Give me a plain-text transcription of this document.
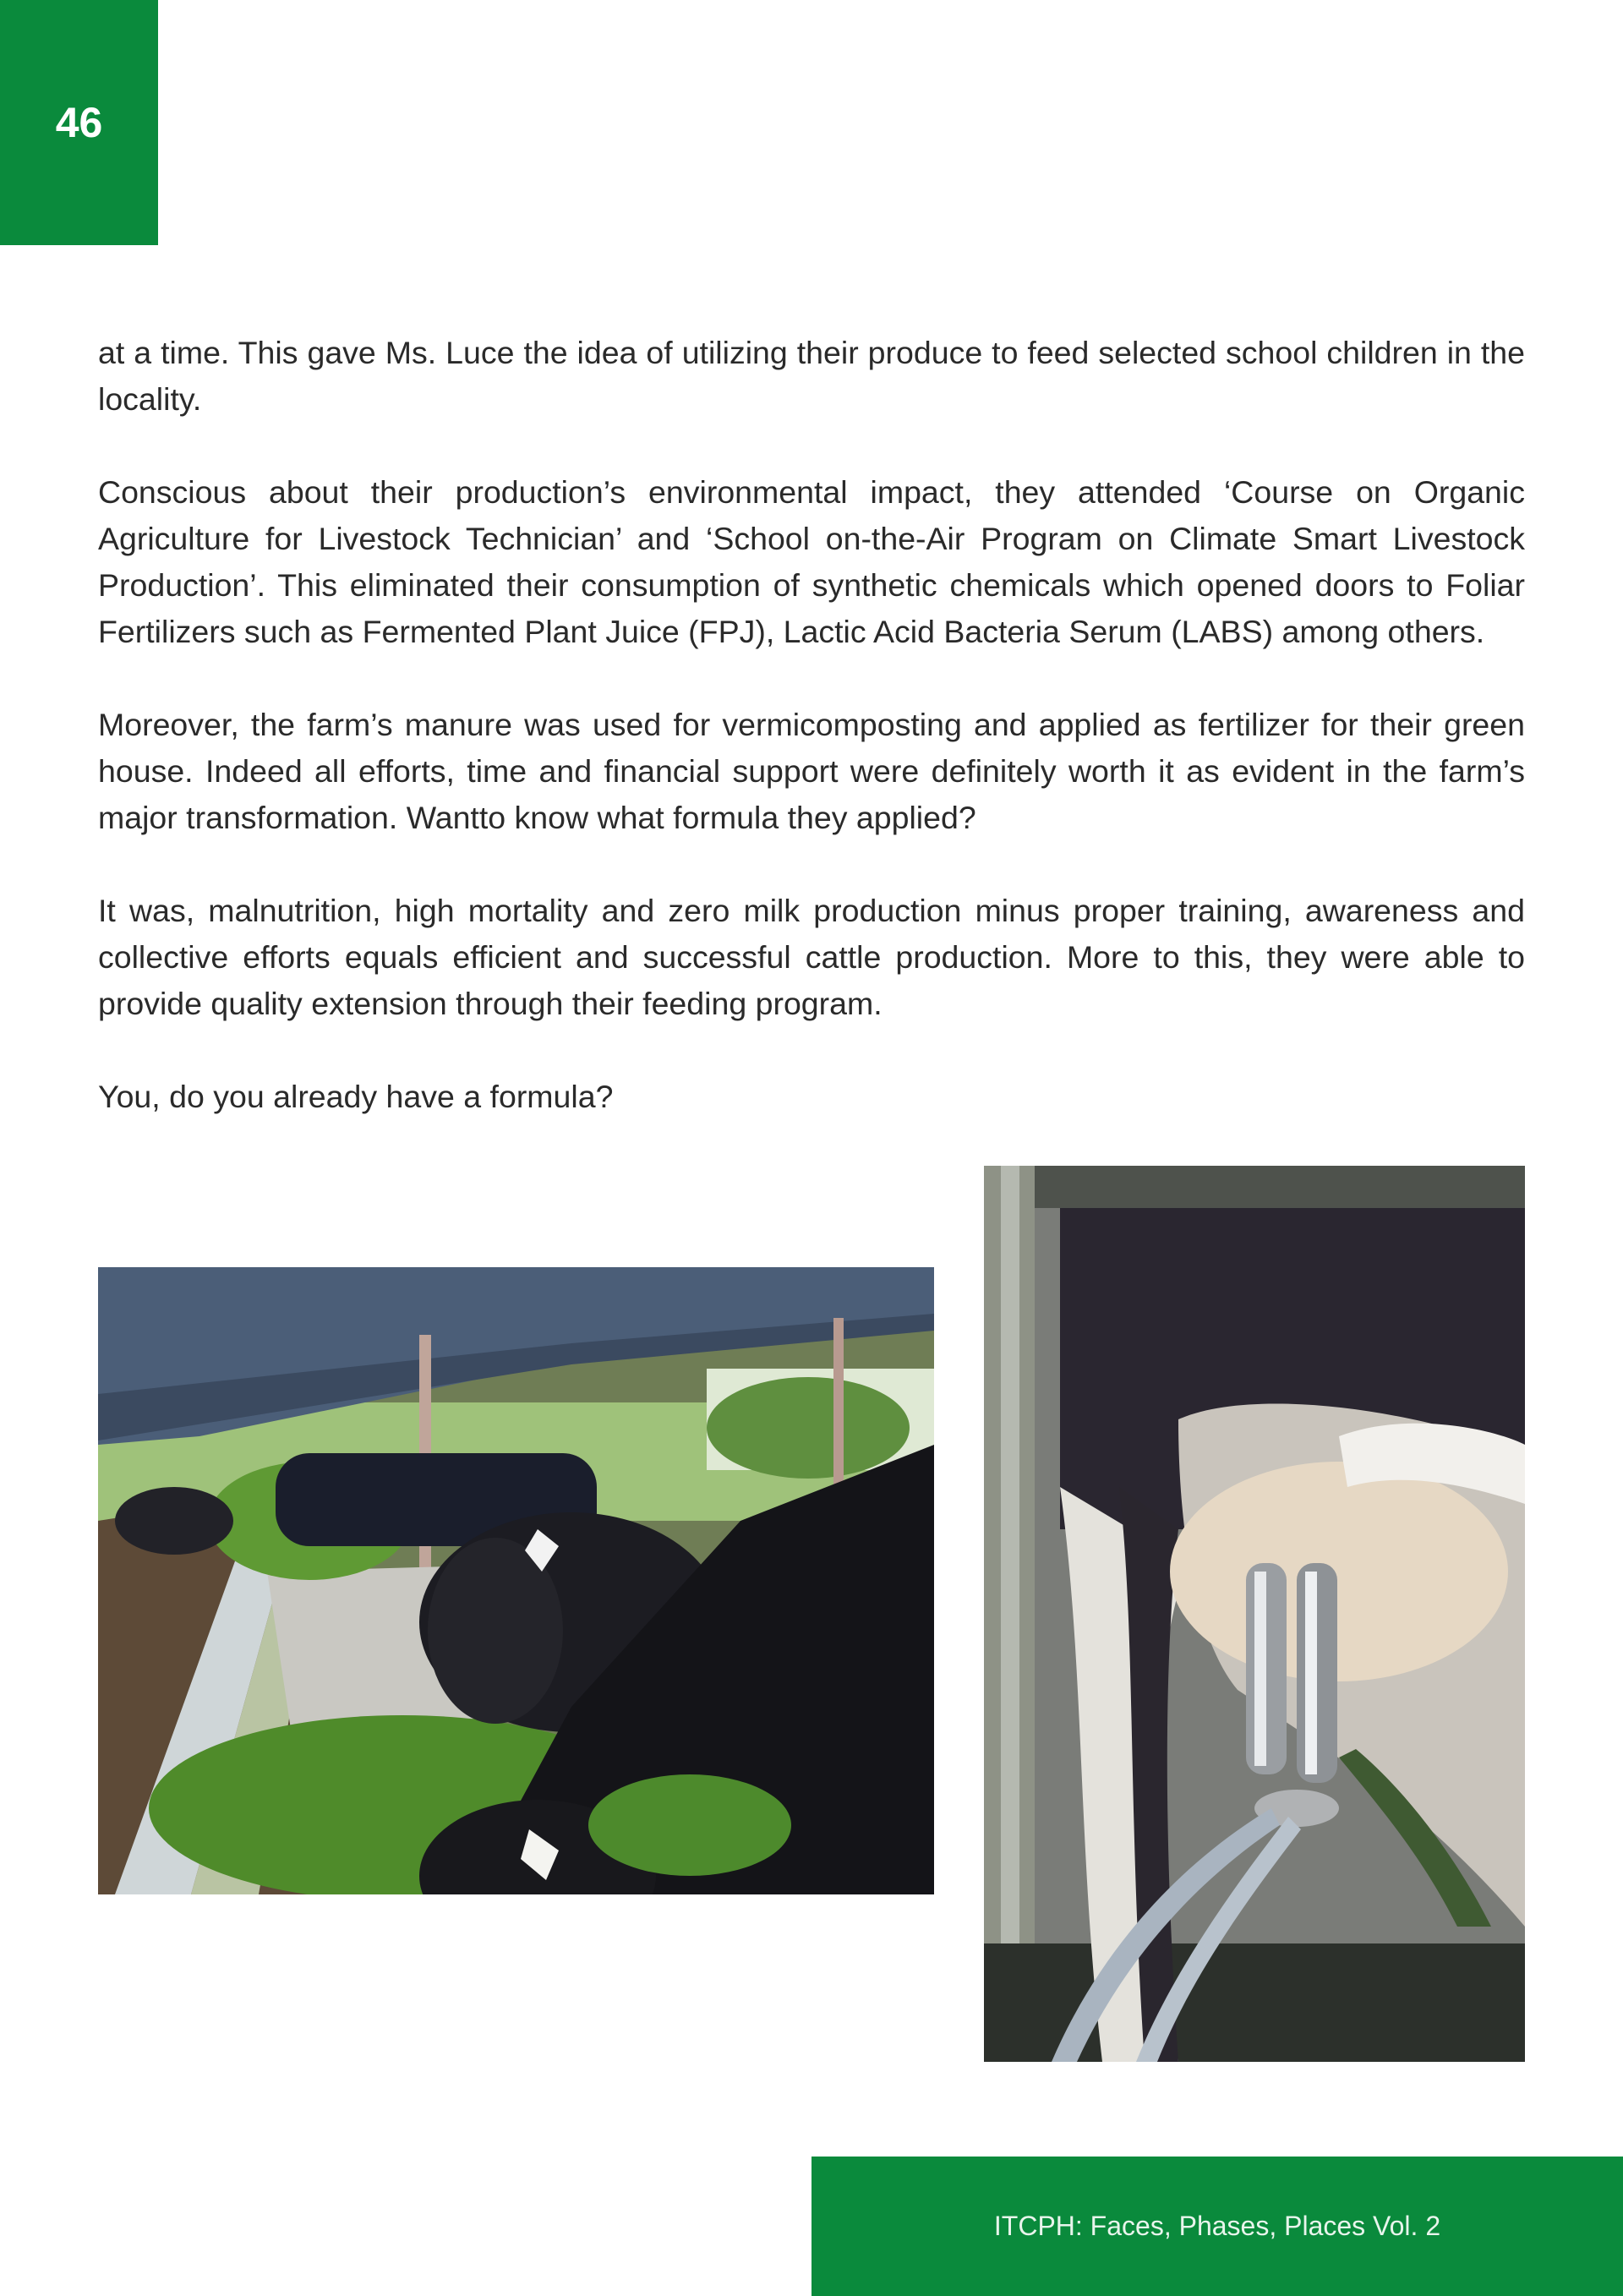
46

at a time. This gave Ms. Luce the idea of utilizing their produce to feed selected school children in the locality.

Conscious about their production’s environmental impact, they attended ‘Course on Organic Agriculture for Livestock Technician’ and ‘School on-the-Air Program on Climate Smart Livestock Production’. This eliminated their consumption of synthetic chemicals which opened doors to Foliar Fertilizers such as Fermented Plant Juice (FPJ), Lactic Acid Bacteria Serum (LABS) among others.

Moreover, the farm’s manure was used for vermicomposting and applied as fertilizer for their green house. Indeed all efforts, time and financial support were definitely worth it as evident in the farm’s major transformation. Wantto know what formula they applied?

It was, malnutrition, high mortality and zero milk production minus proper training, awareness and collective efforts equals efficient and successful cattle production. More to this, they were able to provide quality extension through their feeding program.

You, do you already have a formula?

ITCPH: Faces, Phases, Places Vol. 2
